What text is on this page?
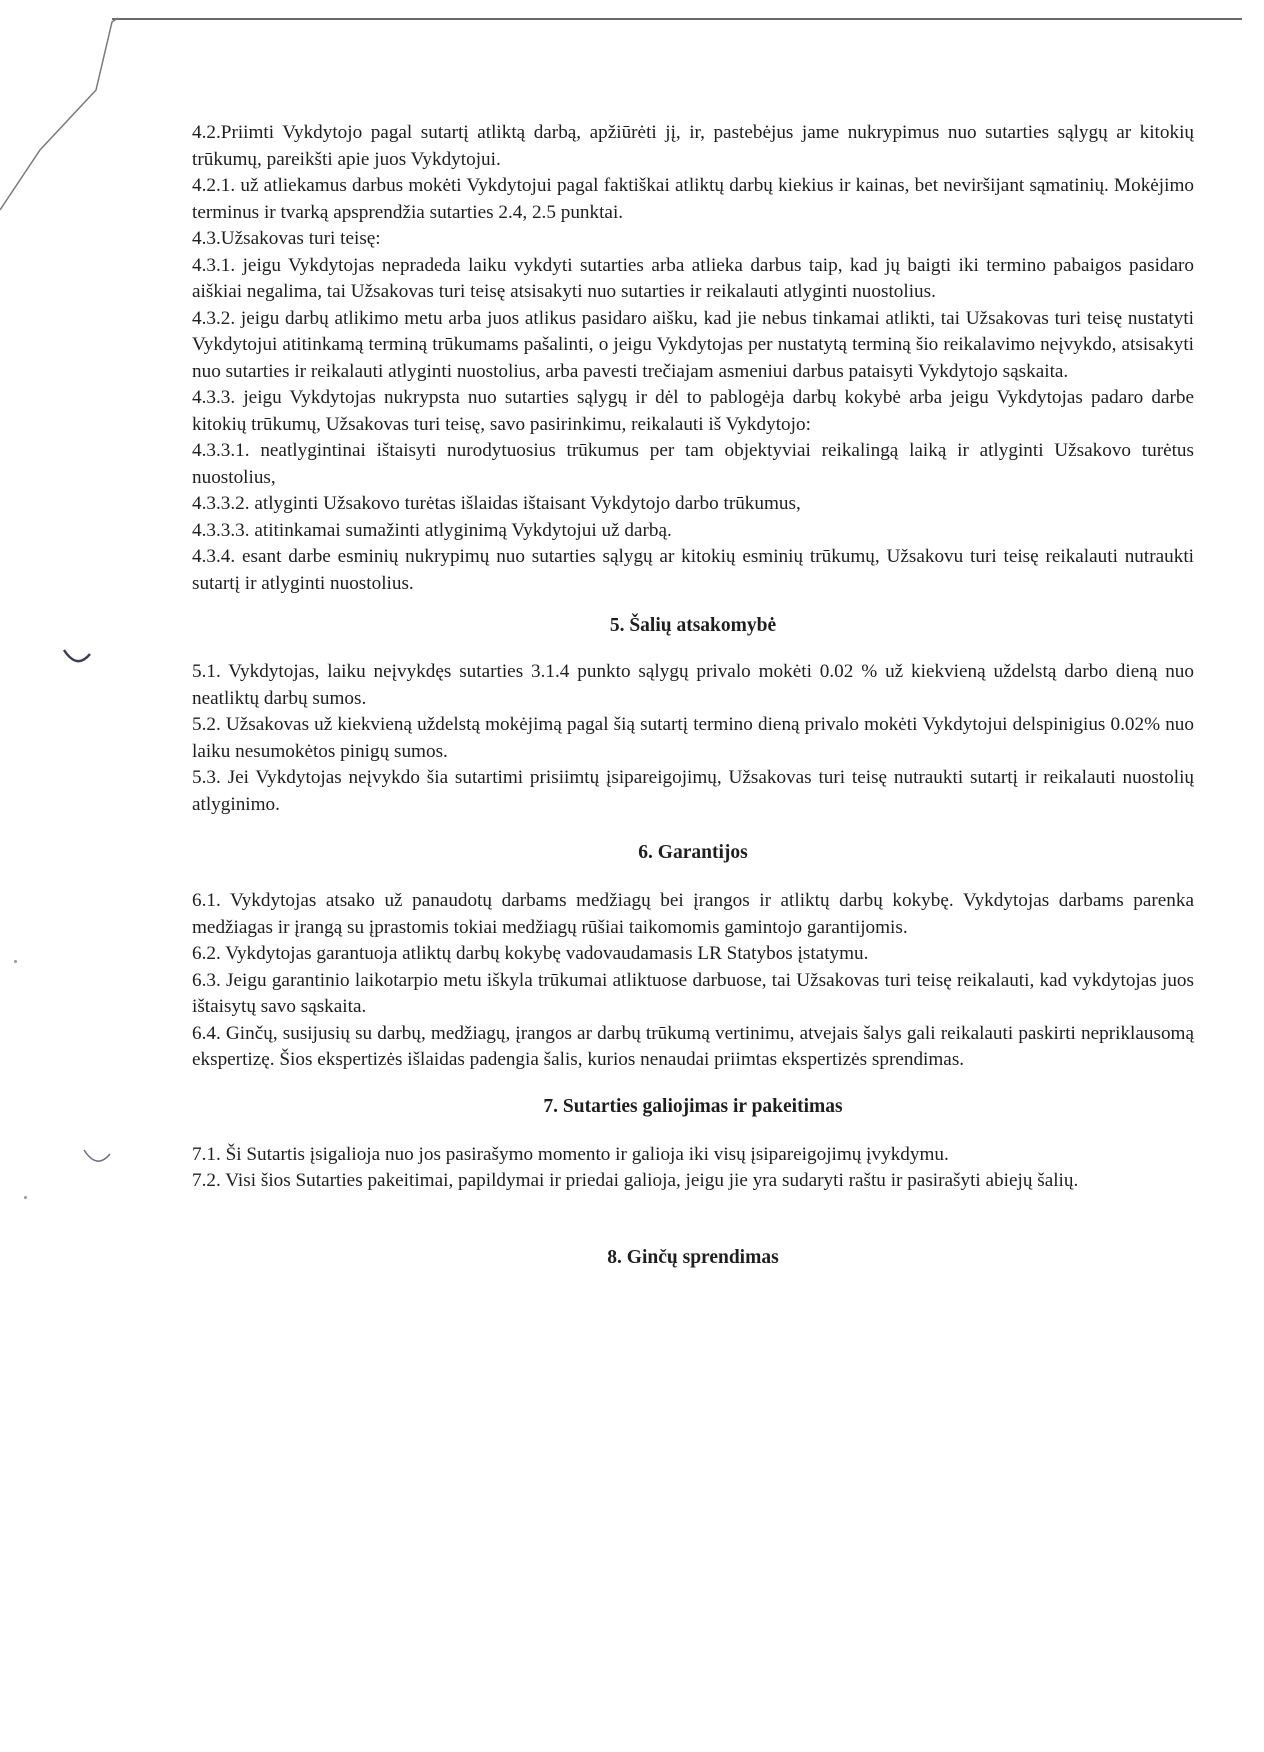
4.2.Priimti Vykdytojo pagal sutartį atliktą darbą, apžiūrėti jį, ir, pastebėjus jame nukrypimus nuo sutarties sąlygų ar kitokių trūkumų, pareikšti apie juos Vykdytojui.

4.2.1. už atliekamus darbus mokėti Vykdytojui pagal faktiškai atliktų darbų kiekius ir kainas, bet neviršijant sąmatinių. Mokėjimo terminus ir tvarką apsprendžia sutarties 2.4, 2.5 punktai.

4.3.Užsakovas turi teisę:

4.3.1. jeigu Vykdytojas nepradeda laiku vykdyti sutarties arba atlieka darbus taip, kad jų baigti iki termino pabaigos pasidaro aiškiai negalima, tai Užsakovas turi teisę atsisakyti nuo sutarties ir reikalauti atlyginti nuostolius.

4.3.2. jeigu darbų atlikimo metu arba juos atlikus pasidaro aišku, kad jie nebus tinkamai atlikti, tai Užsakovas turi teisę nustatyti Vykdytojui atitinkamą terminą trūkumams pašalinti, o jeigu Vykdytojas per nustatytą terminą šio reikalavimo neįvykdo, atsisakyti nuo sutarties ir reikalauti atlyginti nuostolius, arba pavesti trečiajam asmeniui darbus pataisyti Vykdytojo sąskaita.

4.3.3. jeigu Vykdytojas nukrypsta nuo sutarties sąlygų ir dėl to pablogėja darbų kokybė arba jeigu Vykdytojas padaro darbe kitokių trūkumų, Užsakovas turi teisę, savo pasirinkimu, reikalauti iš Vykdytojo:

4.3.3.1. neatlygintinai ištaisyti nurodytuosius trūkumus per tam objektyviai reikalingą laiką ir atlyginti Užsakovo turėtus nuostolius,

4.3.3.2. atlyginti Užsakovo turėtas išlaidas ištaisant Vykdytojo darbo trūkumus,

4.3.3.3. atitinkamai sumažinti atlyginimą Vykdytojui už darbą.

4.3.4. esant darbe esminių nukrypimų nuo sutarties sąlygų ar kitokių esminių trūkumų, Užsakovu turi teisę reikalauti nutraukti sutartį ir atlyginti nuostolius.

5. Šalių atsakomybė

5.1. Vykdytojas, laiku neįvykdęs sutarties 3.1.4 punkto sąlygų privalo mokėti 0.02 % už kiekvieną uždelstą darbo dieną nuo neatliktų darbų sumos.

5.2. Užsakovas už kiekvieną uždelstą mokėjimą pagal šią sutartį termino dieną privalo mokėti Vykdytojui delspinigius 0.02% nuo laiku nesumokėtos pinigų sumos.

5.3. Jei Vykdytojas neįvykdo šia sutartimi prisiimtų įsipareigojimų, Užsakovas turi teisę nutraukti sutartį ir reikalauti nuostolių atlyginimo.

6. Garantijos

6.1. Vykdytojas atsako už panaudotų darbams medžiagų bei įrangos ir atliktų darbų kokybę. Vykdytojas darbams parenka medžiagas ir įrangą su įprastomis tokiai medžiagų rūšiai taikomomis gamintojo garantijomis.

6.2. Vykdytojas garantuoja atliktų darbų kokybę vadovaudamasis LR Statybos įstatymu.

6.3. Jeigu garantinio laikotarpio metu iškyla trūkumai atliktuose darbuose, tai Užsakovas turi teisę reikalauti, kad vykdytojas juos ištaisytų savo sąskaita.

6.4. Ginčų, susijusių su darbų, medžiagų, įrangos ar darbų trūkumą vertinimu, atvejais šalys gali reikalauti paskirti nepriklausomą ekspertizę. Šios ekspertizės išlaidas padengia šalis, kurios nenaudai priimtas ekspertizės sprendimas.

7. Sutarties galiojimas ir pakeitimas

7.1. Ši Sutartis įsigalioja nuo jos pasirašymo momento ir galioja iki visų įsipareigojimų įvykdymu.

7.2. Visi šios Sutarties pakeitimai, papildymai ir priedai galioja, jeigu jie yra sudaryti raštu ir pasirašyti abiejų šalių.

8. Ginčų sprendimas
